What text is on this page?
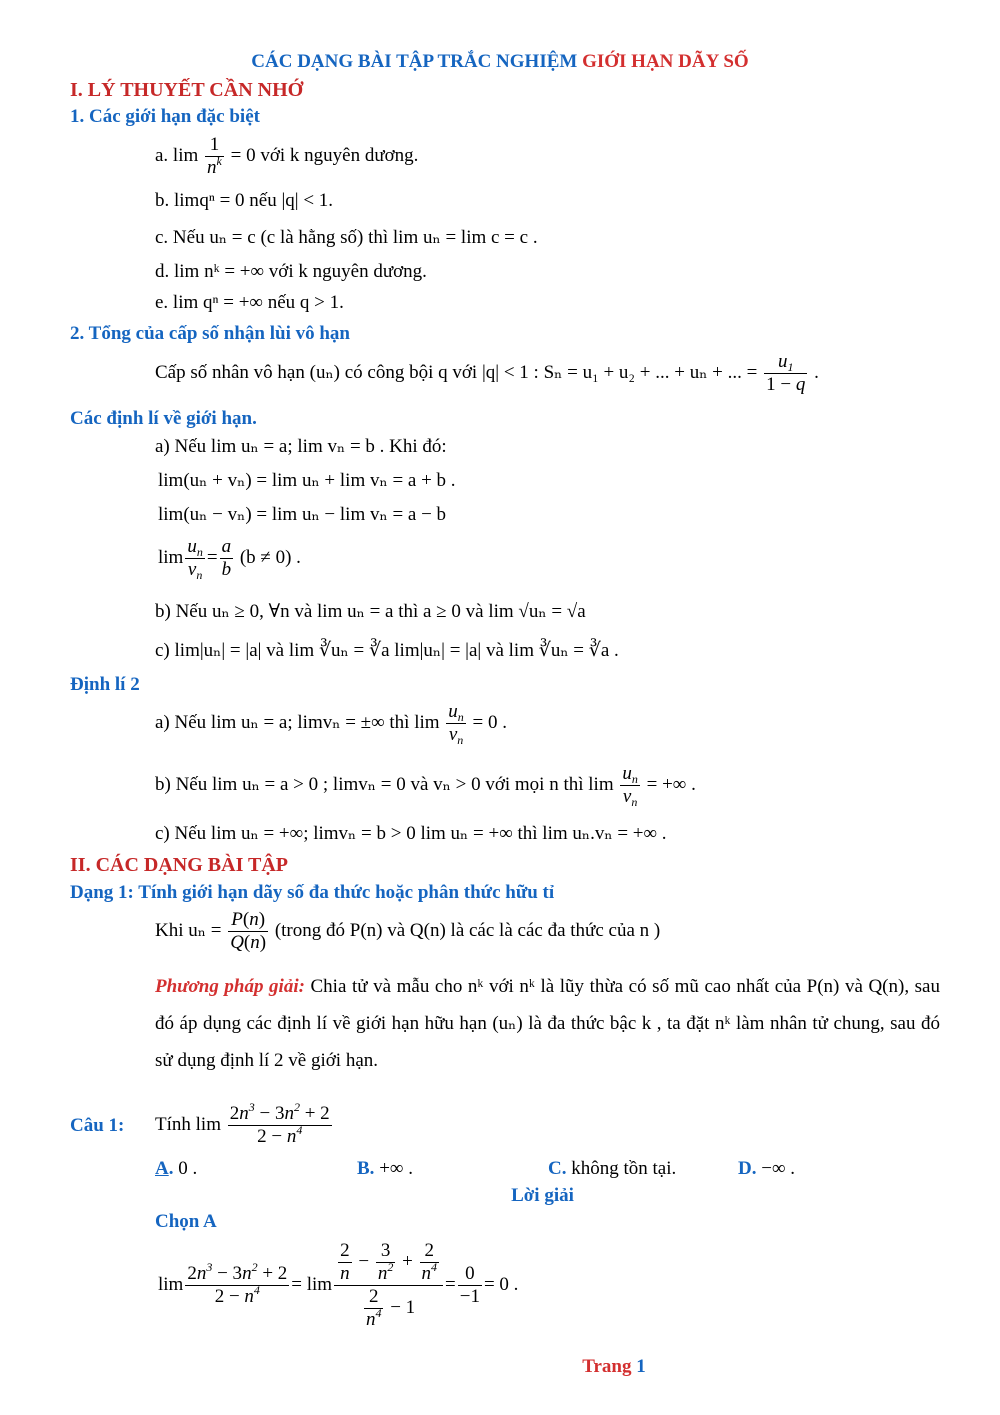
CÁC DẠNG BÀI TẬP TRẮC NGHIỆM GIỚI HẠN DÃY SỐ
I. LÝ THUYẾT CẦN NHỚ
1. Các giới hạn đặc biệt
a. $\lim \frac{1}{n^k} = 0$ với k nguyên dương.
b. limqⁿ = 0 nếu |q| < 1.
c. Nếu uₙ = c (c là hằng số) thì lim uₙ = lim c = c .
d. lim nᵏ = +∞ với k nguyên dương.
e. lim qⁿ = +∞ nếu q > 1.
2. Tổng của cấp số nhận lùi vô hạn
Cấp số nhân vô hạn (uₙ) có công bội q với |q| < 1 : Sₙ = u₁ + u₂ + ... + uₙ + ... = $\frac{u_1}{1 - q}$ .
Các định lí về giới hạn.
a) Nếu lim uₙ = a; lim vₙ = b . Khi đó:
lim(uₙ + vₙ) = lim uₙ + lim vₙ = a + b .
lim(uₙ − vₙ) = lim uₙ − lim vₙ = a − b
$\lim \frac{u_n}{v_n} = \frac{a}{b} (b \ne 0)$ .
b) Nếu uₙ ≥ 0, ∀n và lim uₙ = a thì a ≥ 0 và lim √uₙ = √a
c) lim|uₙ| = |a| và lim ∛uₙ = ∛a lim|uₙ| = |a| và lim ∛uₙ = ∛a .
Định lí 2
a) Nếu lim uₙ = a; limvₙ = ±∞ thì $\lim \frac{u_n}{v_n} = 0$ .
b) Nếu lim uₙ = a > 0 ; limvₙ = 0 và vₙ > 0 với mọi n thì $\lim \frac{u_n}{v_n}$ = +∞ .
c) Nếu lim uₙ = +∞; limvₙ = b > 0 lim uₙ = +∞ thì lim uₙ.vₙ = +∞ .
II. CÁC DẠNG BÀI TẬP
Dạng 1: Tính giới hạn dãy số đa thức hoặc phân thức hữu tỉ
Khi $u_n = \frac{P(n)}{Q(n)}$ (trong đó P(n) và Q(n) là các là các đa thức của n )
Phương pháp giải: Chia tử và mẫu cho nᵏ với nᵏ là lũy thừa có số mũ cao nhất của P(n) và Q(n), sau đó áp dụng các định lí về giới hạn hữu hạn (uₙ) là đa thức bậc k , ta đặt nᵏ làm nhân tử chung, sau đó sử dụng định lí 2 về giới hạn.
Câu 1: Tính $\lim \frac{2n^3 - 3n^2 + 2}{2 - n^4}$
A. 0 .	B. +∞ .	C. không tồn tại.	D. −∞ .
Lời giải
Chọn A
$\lim \frac{2n^3 - 3n^2 + 2}{2 - n^4} = \lim \frac{\frac{2}{n} - \frac{3}{n^2} + \frac{2}{n^4}}{\frac{2}{n^4} - 1} = \frac{0}{-1} = 0$ .
Trang 1
